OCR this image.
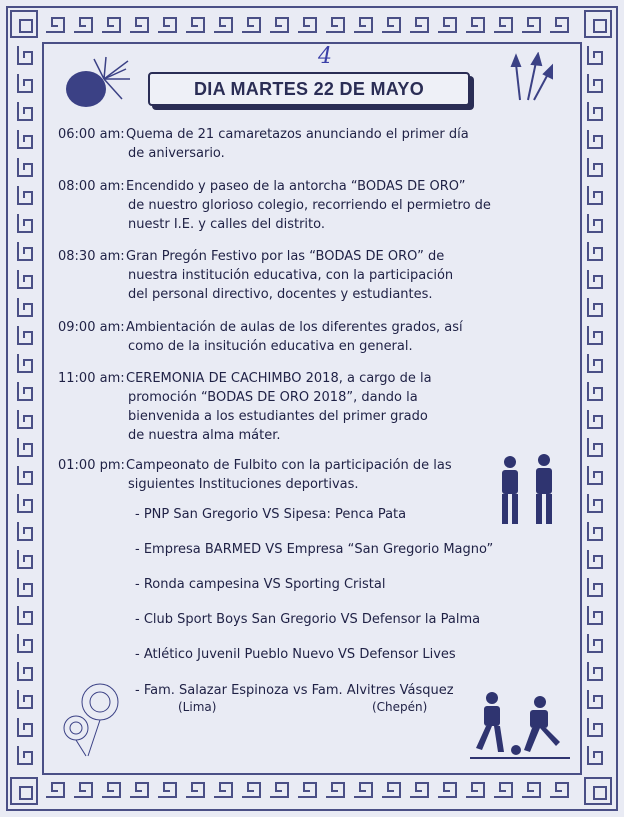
4
DIA MARTES 22 DE MAYO
06:00 am:Quema de 21 camaretazos anunciando el primer día
de aniversario.
08:00 am:Encendido y paseo de la antorcha “BODAS DE ORO”
de nuestro glorioso colegio, recorriendo el permietro de
nuestr I.E. y calles del distrito.
08:30 am:Gran Pregón Festivo por las “BODAS DE ORO” de
nuestra institución educativa, con la participación
del personal directivo, docentes y estudiantes.
09:00 am:Ambientación de aulas de los diferentes grados, así
como de la insitución educativa en general.
11:00 am:CEREMONIA DE CACHIMBO 2018, a cargo de la
promoción “BODAS DE ORO 2018”, dando la
bienvenida a los estudiantes del primer grado
de nuestra alma máter.
01:00 pm:Campeonato de Fulbito con la participación de las
siguientes Instituciones deportivas.
- PNP San Gregorio VS Sipesa: Penca Pata
- Empresa BARMED VS Empresa “San Gregorio Magno”
- Ronda campesina VS Sporting Cristal
- Club Sport Boys San Gregorio VS Defensor la Palma
- Atlético Juvenil Pueblo Nuevo VS Defensor Lives
- Fam. Salazar Espinoza vs Fam. Alvitres Vásquez
(Lima)	(Chepén)
